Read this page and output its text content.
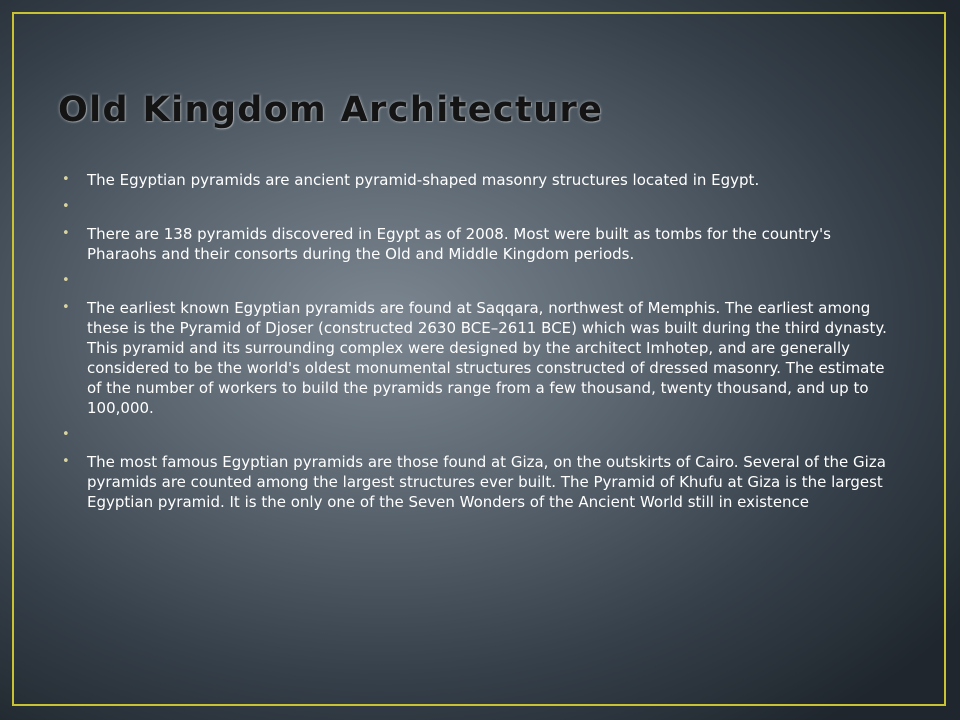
Old Kingdom Architecture
• The Egyptian pyramids are ancient pyramid-shaped masonry structures located in Egypt.
•
• There are 138 pyramids discovered in Egypt as of 2008. Most were built as tombs for the country's Pharaohs and their consorts during the Old and Middle Kingdom periods.
•
• The earliest known Egyptian pyramids are found at Saqqara, northwest of Memphis. The earliest among these is the Pyramid of Djoser (constructed 2630 BCE–2611 BCE) which was built during the third dynasty. This pyramid and its surrounding complex were designed by the architect Imhotep, and are generally considered to be the world's oldest monumental structures constructed of dressed masonry. The estimate of the number of workers to build the pyramids range from a few thousand, twenty thousand, and up to 100,000.
•
• The most famous Egyptian pyramids are those found at Giza, on the outskirts of Cairo. Several of the Giza pyramids are counted among the largest structures ever built. The Pyramid of Khufu at Giza is the largest Egyptian pyramid. It is the only one of the Seven Wonders of the Ancient World still in existence
